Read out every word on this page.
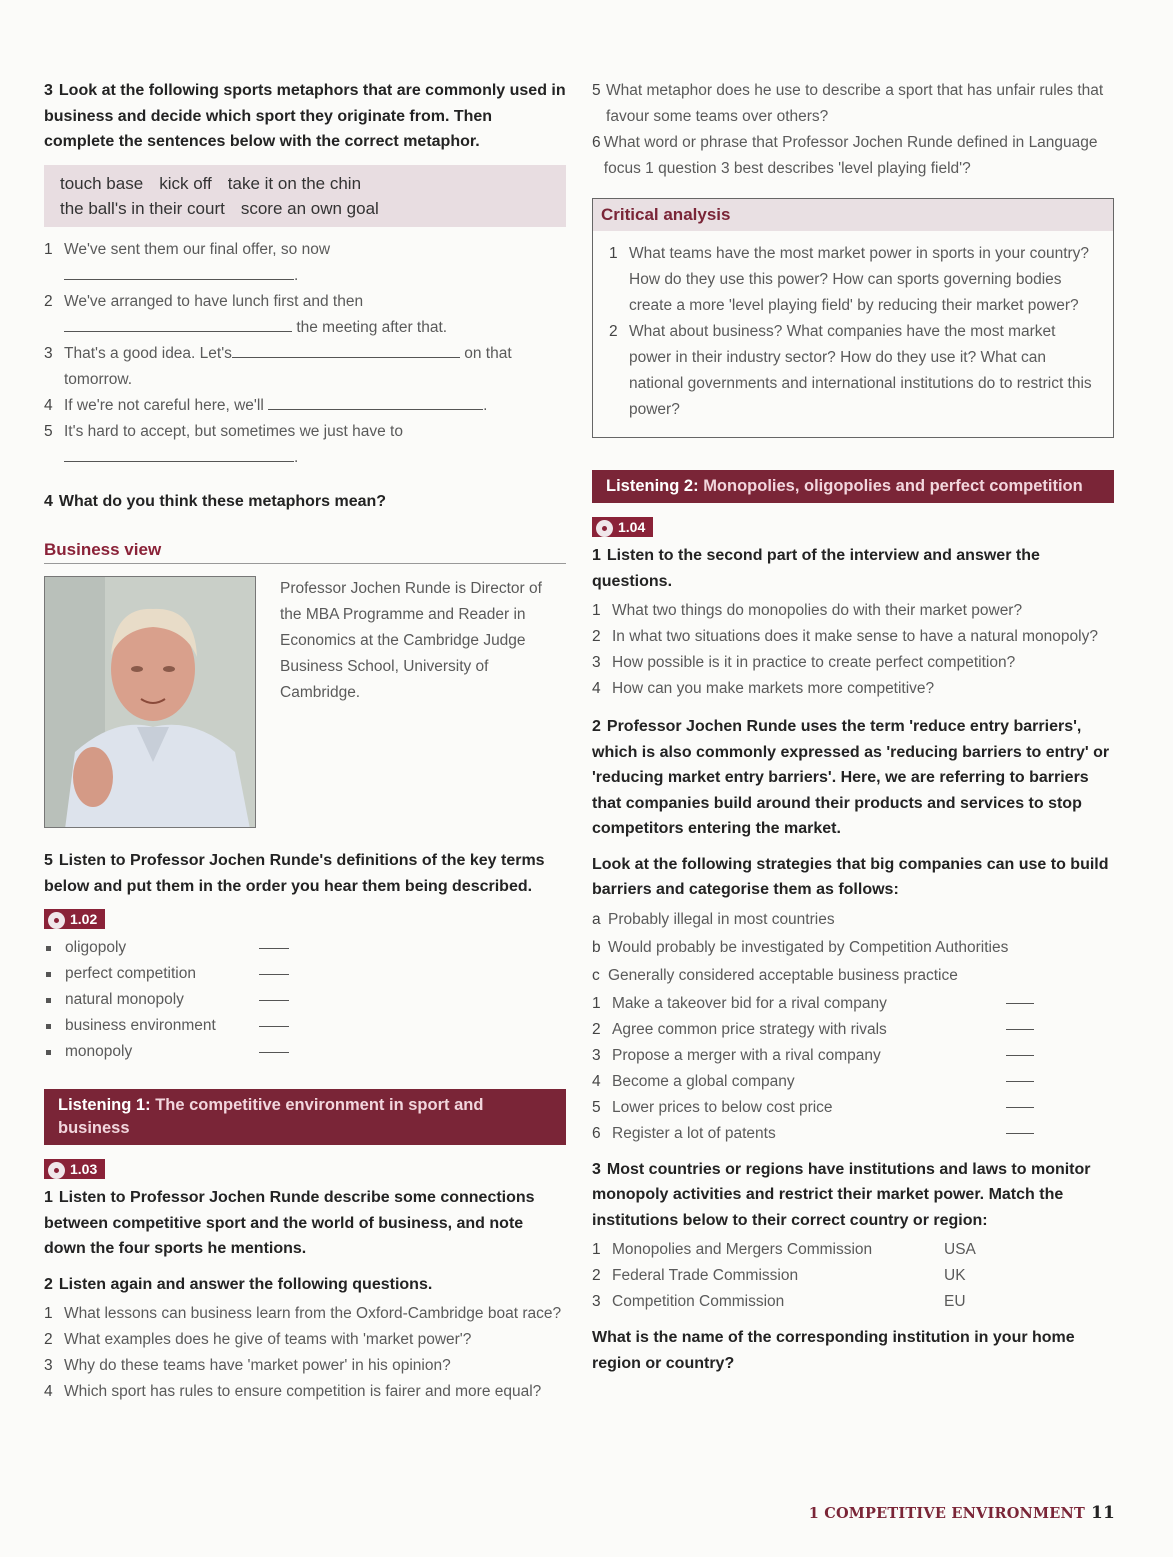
3 Look at the following sports metaphors that are commonly used in business and decide which sport they originate from. Then complete the sentences below with the correct metaphor.
touch base kick off take it on the chin
the ball's in their court score an own goal
1 We've sent them our final offer, so now
.
2 We've arranged to have lunch first and then
the meeting after that.
3 That's a good idea. Let's	on that
tomorrow.
4 If we're not careful here, we'll	.
5 It's hard to accept, but sometimes we just have to
.
4 What do you think these metaphors mean?
Business view
Professor Jochen Runde is Director of the MBA Programme and Reader in Economics at the Cambridge Judge Business School, University of Cambridge.
5 Listen to Professor Jochen Runde's definitions of the key terms below and put them in the order you hear them being described.
1.02
oligopoly
perfect competition
natural monopoly
business environment
monopoly
Listening 1: The competitive environment in sport and business
1.03
1 Listen to Professor Jochen Runde describe some connections between competitive sport and the world of business, and note down the four sports he mentions.
2 Listen again and answer the following questions.
1 What lessons can business learn from the Oxford-Cambridge boat race?
2 What examples does he give of teams with 'market power'?
3 Why do these teams have 'market power' in his opinion?
4 Which sport has rules to ensure competition is fairer and more equal?
5 What metaphor does he use to describe a sport that has unfair rules that favour some teams over others?
6 What word or phrase that Professor Jochen Runde defined in Language focus 1 question 3 best describes 'level playing field'?
Critical analysis
1 What teams have the most market power in sports in your country? How do they use this power? How can sports governing bodies create a more 'level playing field' by reducing their market power?
2 What about business? What companies have the most market power in their industry sector? How do they use it? What can national governments and international institutions do to restrict this power?
Listening 2: Monopolies, oligopolies and perfect competition
1.04
1 Listen to the second part of the interview and answer the questions.
1 What two things do monopolies do with their market power?
2 In what two situations does it make sense to have a natural monopoly?
3 How possible is it in practice to create perfect competition?
4 How can you make markets more competitive?
2 Professor Jochen Runde uses the term 'reduce entry barriers', which is also commonly expressed as 'reducing barriers to entry' or 'reducing market entry barriers'. Here, we are referring to barriers that companies build around their products and services to stop competitors entering the market.
Look at the following strategies that big companies can use to build barriers and categorise them as follows:
a Probably illegal in most countries
b Would probably be investigated by Competition Authorities
c Generally considered acceptable business practice
1 Make a takeover bid for a rival company
2 Agree common price strategy with rivals
3 Propose a merger with a rival company
4 Become a global company
5 Lower prices to below cost price
6 Register a lot of patents
3 Most countries or regions have institutions and laws to monitor monopoly activities and restrict their market power. Match the institutions below to their correct country or region:
1 Monopolies and Mergers Commission	USA
2 Federal Trade Commission	UK
3 Competition Commission	EU
What is the name of the corresponding institution in your home region or country?
1 COMPETITIVE ENVIRONMENT 11
